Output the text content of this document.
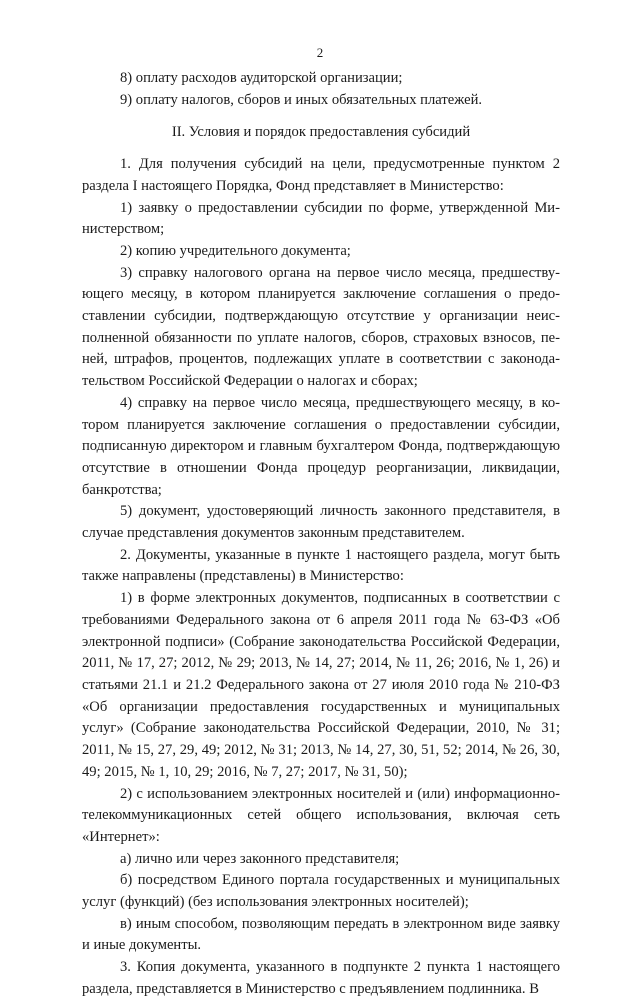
2

8) оплату расходов аудиторской организации;

9) оплату налогов, сборов и иных обязательных платежей.

II. Условия и порядок предоставления субсидий

1. Для получения субсидий на цели, предусмотренные пунктом 2 раздела I настоящего Порядка, Фонд представляет в Министерство:

1) заявку о предоставлении субсидии по форме, утвержденной Министерством;

2) копию учредительного документа;

3) справку налогового органа на первое число месяца, предшествующего месяцу, в котором планируется заключение соглашения о предоставлении субсидии, подтверждающую отсутствие у организации неисполненной обязанности по уплате налогов, сборов, страховых взносов, пеней, штрафов, процентов, подлежащих уплате в соответствии с законодательством Российской Федерации о налогах и сборах;

4) справку на первое число месяца, предшествующего месяцу, в котором планируется заключение соглашения о предоставлении субсидии, подписанную директором и главным бухгалтером Фонда, подтверждающую отсутствие в отношении Фонда процедур реорганизации, ликвидации, банкротства;

5) документ, удостоверяющий личность законного представителя, в случае представления документов законным представителем.

2. Документы, указанные в пункте 1 настоящего раздела, могут быть также направлены (представлены) в Министерство:

1) в форме электронных документов, подписанных в соответствии с требованиями Федерального закона от 6 апреля 2011 года № 63-ФЗ «Об электронной подписи» (Собрание законодательства Российской Федерации, 2011, № 17, 27; 2012, № 29; 2013, № 14, 27; 2014, № 11, 26; 2016, № 1, 26) и статьями 21.1 и 21.2 Федерального закона от 27 июля 2010 года № 210-ФЗ «Об организации предоставления государственных и муниципальных услуг» (Собрание законодательства Российской Федерации, 2010, № 31; 2011, № 15, 27, 29, 49; 2012, № 31; 2013, № 14, 27, 30, 51, 52; 2014, № 26, 30, 49; 2015, № 1, 10, 29; 2016, № 7, 27; 2017, № 31, 50);

2) с использованием электронных носителей и (или) информационно-телекоммуникационных сетей общего использования, включая сеть «Интернет»:

а) лично или через законного представителя;

б) посредством Единого портала государственных и муниципальных услуг (функций) (без использования электронных носителей);

в) иным способом, позволяющим передать в электронном виде заявку и иные документы.

3. Копия документа, указанного в подпункте 2 пункта 1 настоящего раздела, представляется в Министерство с предъявлением подлинника. В
